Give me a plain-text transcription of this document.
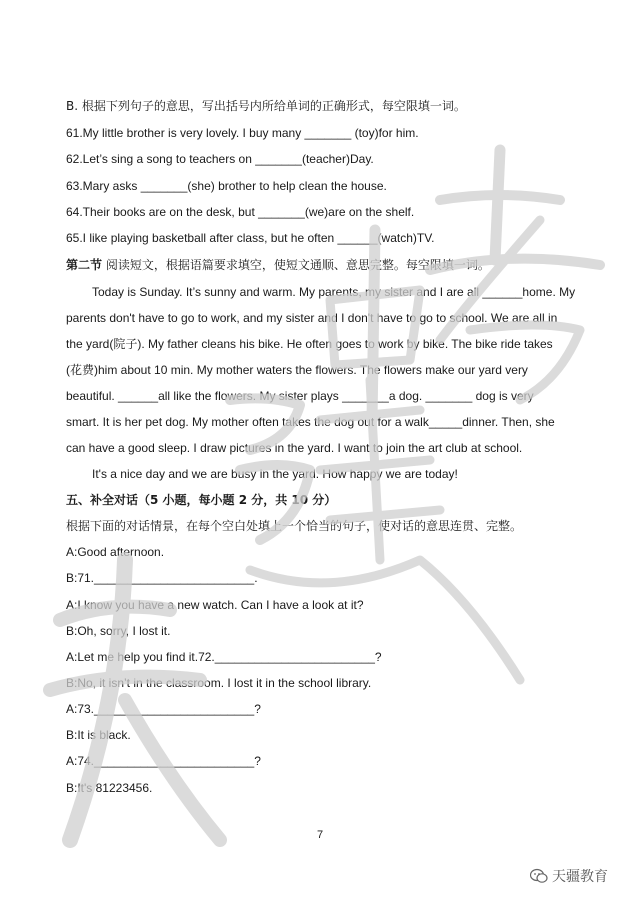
B. 根据下列句子的意思，写出括号内所给单词的正确形式，每空限填一词。
61.My little brother is very lovely. I buy many _______ (toy)for him.
62.Let’s sing a song to teachers on _______(teacher)Day.
63.Mary asks _______(she) brother to help clean the house.
64.Their books are on the desk, but _______(we)are on the shelf.
65.I like playing basketball after class, but he often ______(watch)TV.
第二节 阅读短文，根据语篇要求填空，使短文通顺、意思完整。每空限填一词。
Today is Sunday. It’s sunny and warm. My parents, my sister and I are all ______home. My
parents don't have to go to work, and my sister and I don't have to go to school. We are all in
the yard(院子). My father cleans his bike. He often goes to work by bike. The bike ride takes
(花费)him about 10 min. My mother waters the flowers. The flowers make our yard very
beautiful. ______all like the flowers. My sister plays _______a dog. _______ dog is very
smart. It is her pet dog. My mother often takes the dog out for a walk_____dinner. Then, she
can have a good sleep. I draw pictures in the yard. I want to join the art club at school.
It's a nice day and we are busy in the yard. How happy we are today!
五、补全对话（5 小题，每小题 2 分，共 10 分）
根据下面的对话情景，在每个空白处填上一个恰当的句子，使对话的意思连贯、完整。
A:Good afternoon.
B:71.________________________.
A:I know you have a new watch. Can I have a look at it?
B:Oh, sorry, I lost it.
A:Let me help you find it.72.________________________?
B:No, it isn’t in the classroom. I lost it in the school library.
A:73.________________________?
B:It is black.
A:74.________________________?
B:It's 81223456.
7
天疆教育
